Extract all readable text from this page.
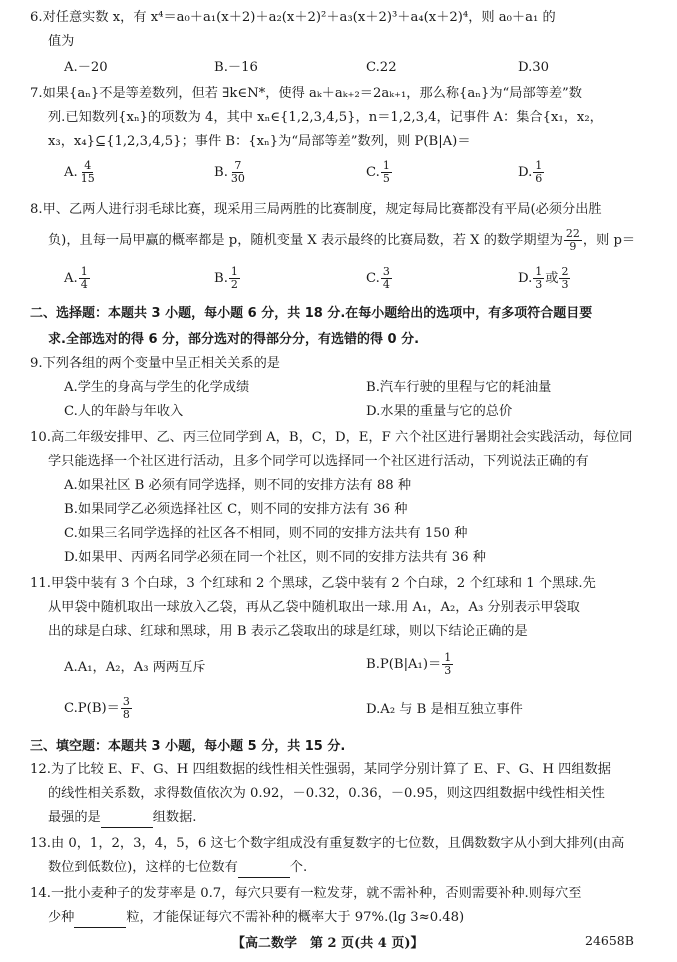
6.对任意实数 x，有 x⁴＝a₀＋a₁(x＋2)＋a₂(x＋2)²＋a₃(x＋2)³＋a₄(x＋2)⁴，则 a₀＋a₁ 的
值为
A.－20	B.－16	C.22	D.30
7.如果{aₙ}不是等差数列，但若 ∃k∈N*，使得 aₖ＋aₖ₊₂＝2aₖ₊₁，那么称{aₙ}为“局部等差”数
列.已知数列{xₙ}的项数为 4，其中 xₙ∈{1,2,3,4,5}，n＝1,2,3,4，记事件 A：集合{x₁，x₂，
x₃，x₄}⊆{1,2,3,4,5}；事件 B：{xₙ}为“局部等差”数列，则 P(B|A)＝
A. $\frac{4}{15}$	B. $\frac{7}{30}$	C. $\frac{1}{5}$	D. $\frac{1}{6}$
8.甲、乙两人进行羽毛球比赛，现采用三局两胜的比赛制度，规定每局比赛都没有平局(必须分出胜
负)，且每一局甲赢的概率都是 p，随机变量 X 表示最终的比赛局数，若 X 的数学期望为 $\frac{22}{9}$ ，则 p＝
A. $\frac{1}{4}$	B. $\frac{1}{2}$	C. $\frac{3}{4}$	D. $\frac{1}{3}$ 或 $\frac{2}{3}$
二、选择题：本题共 3 小题，每小题 6 分，共 18 分.在每小题给出的选项中，有多项符合题目要
求.全部选对的得 6 分，部分选对的得部分分，有选错的得 0 分.
9.下列各组的两个变量中呈正相关关系的是
A.学生的身高与学生的化学成绩	B.汽车行驶的里程与它的耗油量
C.人的年龄与年收入	D.水果的重量与它的总价
10.高二年级安排甲、乙、丙三位同学到 A，B，C，D，E，F 六个社区进行暑期社会实践活动，每位同
学只能选择一个社区进行活动，且多个同学可以选择同一个社区进行活动，下列说法正确的有
A.如果社区 B 必须有同学选择，则不同的安排方法有 88 种
B.如果同学乙必须选择社区 C，则不同的安排方法有 36 种
C.如果三名同学选择的社区各不相同，则不同的安排方法共有 150 种
D.如果甲、丙两名同学必须在同一个社区，则不同的安排方法共有 36 种
11.甲袋中装有 3 个白球，3 个红球和 2 个黑球，乙袋中装有 2 个白球，2 个红球和 1 个黑球.先
从甲袋中随机取出一球放入乙袋，再从乙袋中随机取出一球.用 A₁，A₂，A₃ 分别表示甲袋取
出的球是白球、红球和黑球，用 B 表示乙袋取出的球是红球，则以下结论正确的是
A.A₁，A₂，A₃ 两两互斥	$B.P(B|A_1)= \frac{1}{3}$
$C.P(B)= \frac{3}{8}$	D.A₂ 与 B 是相互独立事件
三、填空题：本题共 3 小题，每小题 5 分，共 15 分.
12.为了比较 E、F、G、H 四组数据的线性相关性强弱，某同学分别计算了 E、F、G、H 四组数据
的线性相关系数，求得数值依次为 0.92，－0.32，0.36，－0.95，则这四组数据中线性相关性
最强的是	组数据.
13.由 0，1，2，3，4，5，6 这七个数字组成没有重复数字的七位数，且偶数数字从小到大排列(由高
数位到低数位)，这样的七位数有	个.
14.一批小麦种子的发芽率是 0.7，每穴只要有一粒发芽，就不需补种，否则需要补种.则每穴至
少种	粒，才能保证每穴不需补种的概率大于 97%.(lg 3≈0.48)
【高二数学　第 2 页(共 4 页)】	24658B
